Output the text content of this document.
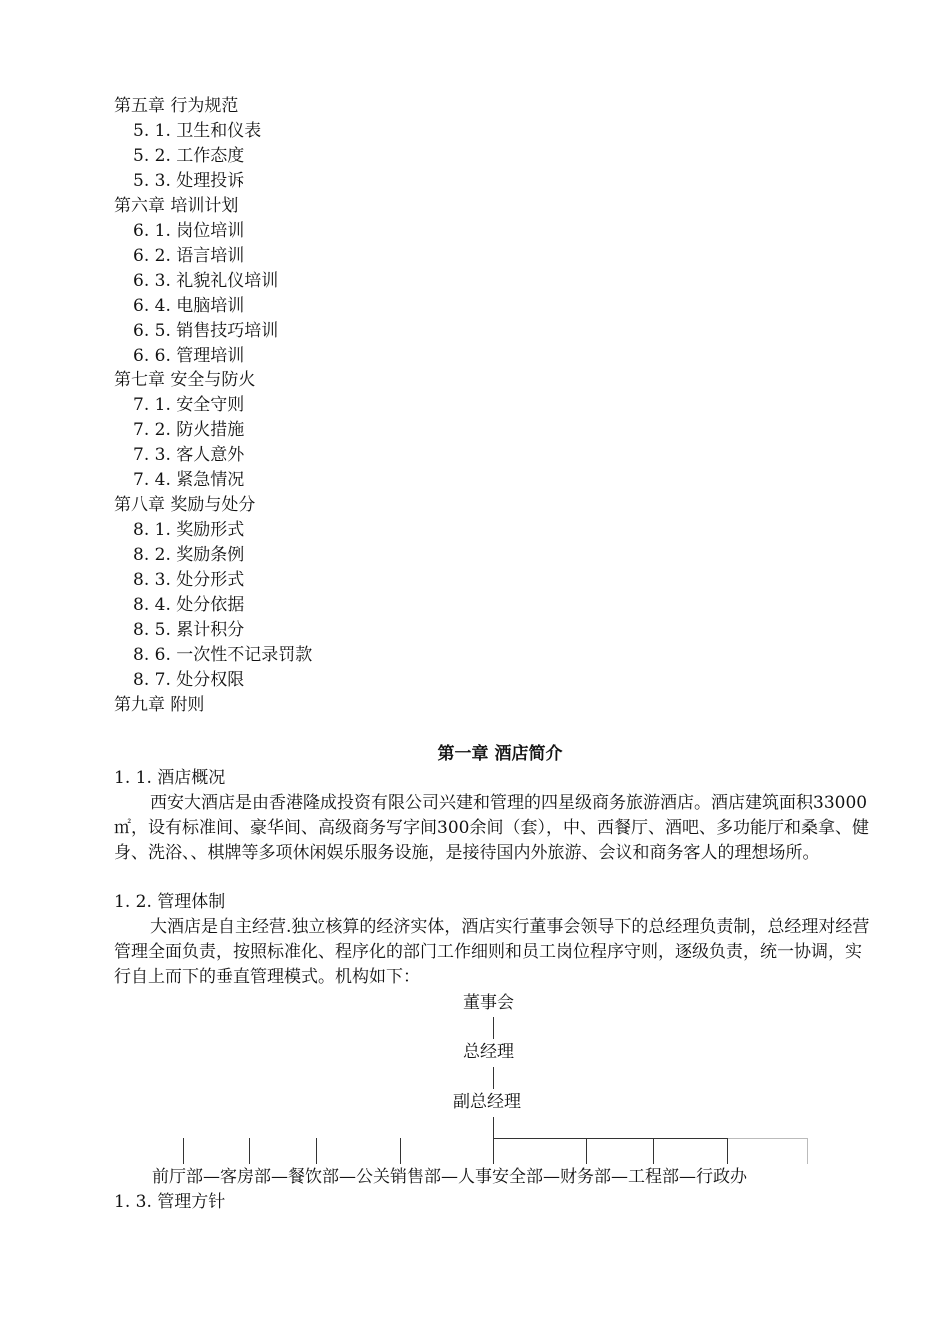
第五章 行为规范
5. 1. 卫生和仪表
5. 2. 工作态度
5. 3. 处理投诉
第六章 培训计划
6. 1. 岗位培训
6. 2. 语言培训
6. 3. 礼貌礼仪培训
6. 4. 电脑培训
6. 5. 销售技巧培训
6. 6. 管理培训
第七章 安全与防火
7. 1. 安全守则
7. 2. 防火措施
7. 3. 客人意外
7. 4. 紧急情况
第八章 奖励与处分
8. 1. 奖励形式
8. 2. 奖励条例
8. 3. 处分形式
8. 4. 处分依据
8. 5. 累计积分
8. 6. 一次性不记录罚款
8. 7. 处分权限
第九章 附则
第一章 酒店简介
1. 1. 酒店概况
西安大酒店是由香港隆成投资有限公司兴建和管理的四星级商务旅游酒店。酒店建筑面积33000㎡，设有标准间、豪华间、高级商务写字间300余间（套），中、西餐厅、酒吧、多功能厅和桑拿、健身、洗浴、、棋牌等多项休闲娱乐服务设施，是接待国内外旅游、会议和商务客人的理想场所。
1. 2. 管理体制
大酒店是自主经营.独立核算的经济实体，酒店实行董事会领导下的总经理负责制，总经理对经营管理全面负责，按照标准化、程序化的部门工作细则和员工岗位程序守则，逐级负责，统一协调，实行自上而下的垂直管理模式。机构如下：
董事会
总经理
副总经理
前厅部—客房部—餐饮部—公关销售部—人事安全部—财务部—工程部—行政办
1. 3. 管理方针
